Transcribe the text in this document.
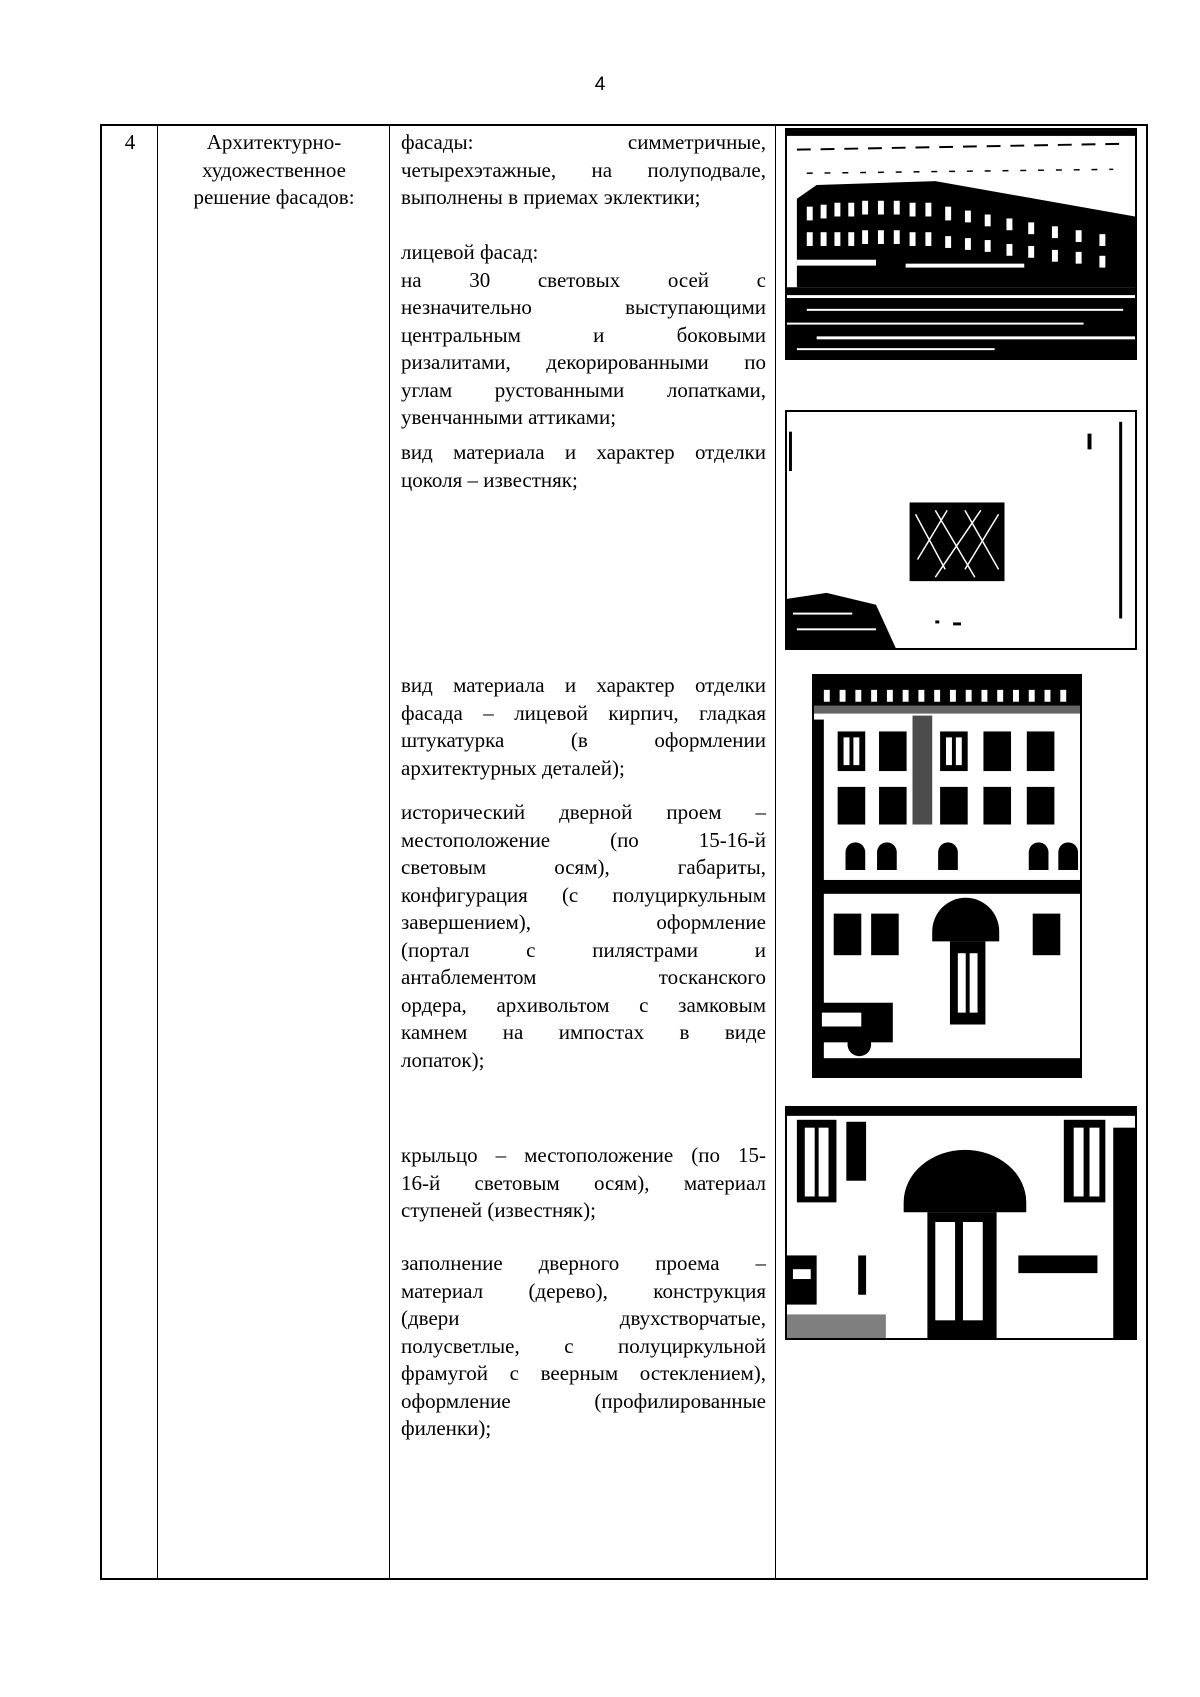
4
4	Архитектурно-
художественное
решение фасадов:
фасады: симметричные,
четырехэтажные, на полуподвале,
выполнены в приемах эклектики;
лицевой фасад:
на 30 световых осей с
незначительно выступающими
центральным и боковыми
ризалитами, декорированными по
углам рустованными лопатками,
увенчанными аттиками;
вид материала и характер отделки
цоколя – известняк;
вид материала и характер отделки
фасада – лицевой кирпич, гладкая
штукатурка (в оформлении
архитектурных деталей);
исторический дверной проем –
местоположение (по 15-16-й
световым осям), габариты,
конфигурация (с полуциркульным
завершением), оформление
(портал с пилястрами и
антаблементом тосканского
ордера, архивольтом с замковым
камнем на импостах в виде
лопаток);
крыльцо – местоположение (по 15-
16-й световым осям), материал
ступеней (известняк);
заполнение дверного проема –
материал (дерево), конструкция
(двери двухстворчатые,
полусветлые, с полуциркульной
фрамугой с веерным остеклением),
оформление (профилированные
филенки);
